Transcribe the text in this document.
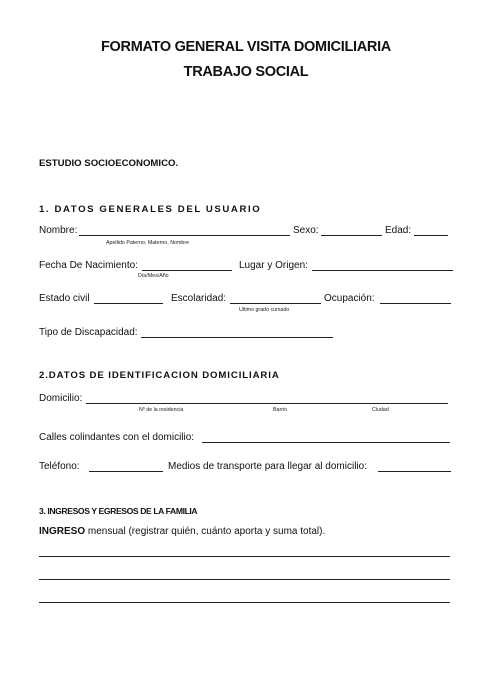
FORMATO GENERAL VISITA DOMICILIARIA
TRABAJO SOCIAL
ESTUDIO SOCIOECONOMICO.
1. DATOS GENERALES DEL USUARIO
Nombre:
Apellido Paterno, Materno, Nombre
Sexo:	Edad:
Fecha De Nacimiento:
Día/Mes/Año
Lugar y Origen:
Estado civil	Escolaridad:
Ultimo grado cursado
Ocupación:
Tipo de Discapacidad:
2.DATOS DE IDENTIFICACION DOMICILIARIA
Domicilio:
Nº de la residencia	Barrio	Ciudad
Calles colindantes con el domicilio:
Teléfono:	Medios de transporte para llegar al domicilio:
3. INGRESOS Y EGRESOS DE LA FAMILIA
INGRESO mensual (registrar quién, cuánto aporta y suma total).
